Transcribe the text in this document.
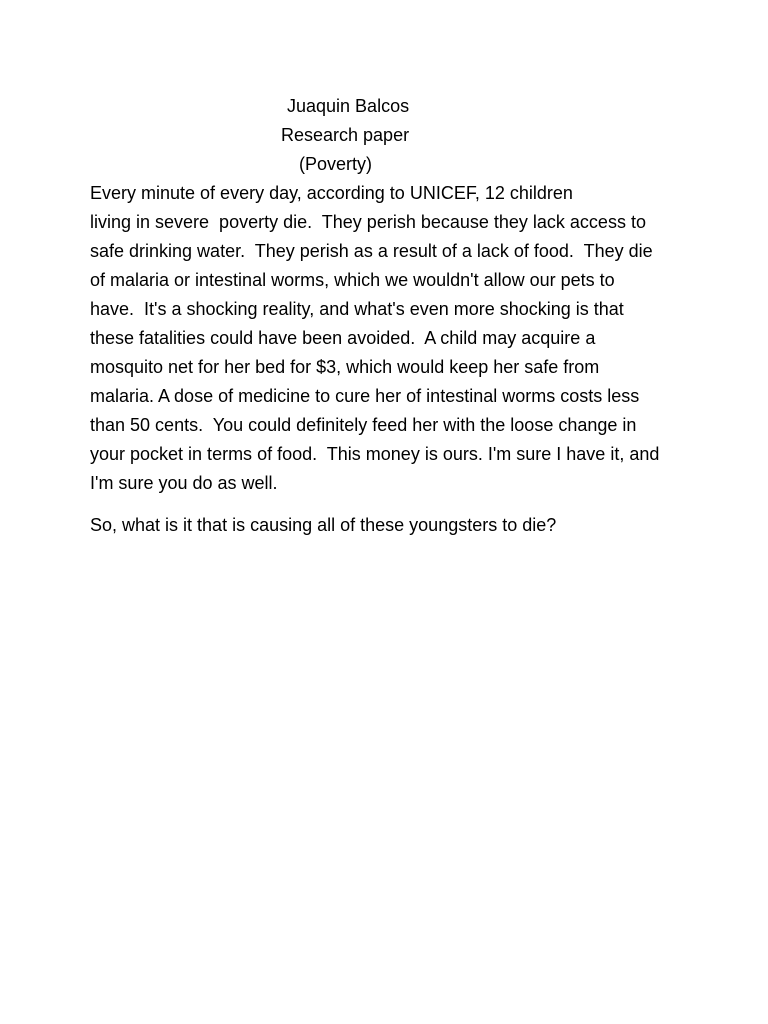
Juaquin Balcos
Research paper
(Poverty)
Every minute of every day, according to UNICEF, 12 children
living in severe  poverty die.  They perish because they lack access to
safe drinking water.  They perish as a result of a lack of food.  They die
of malaria or intestinal worms, which we wouldn't allow our pets to
have.  It's a shocking reality, and what's even more shocking is that
these fatalities could have been avoided.  A child may acquire a
mosquito net for her bed for $3, which would keep her safe from
malaria. A dose of medicine to cure her of intestinal worms costs less
than 50 cents.  You could definitely feed her with the loose change in
your pocket in terms of food.  This money is ours. I'm sure I have it, and
I'm sure you do as well.
So, what is it that is causing all of these youngsters to die?
